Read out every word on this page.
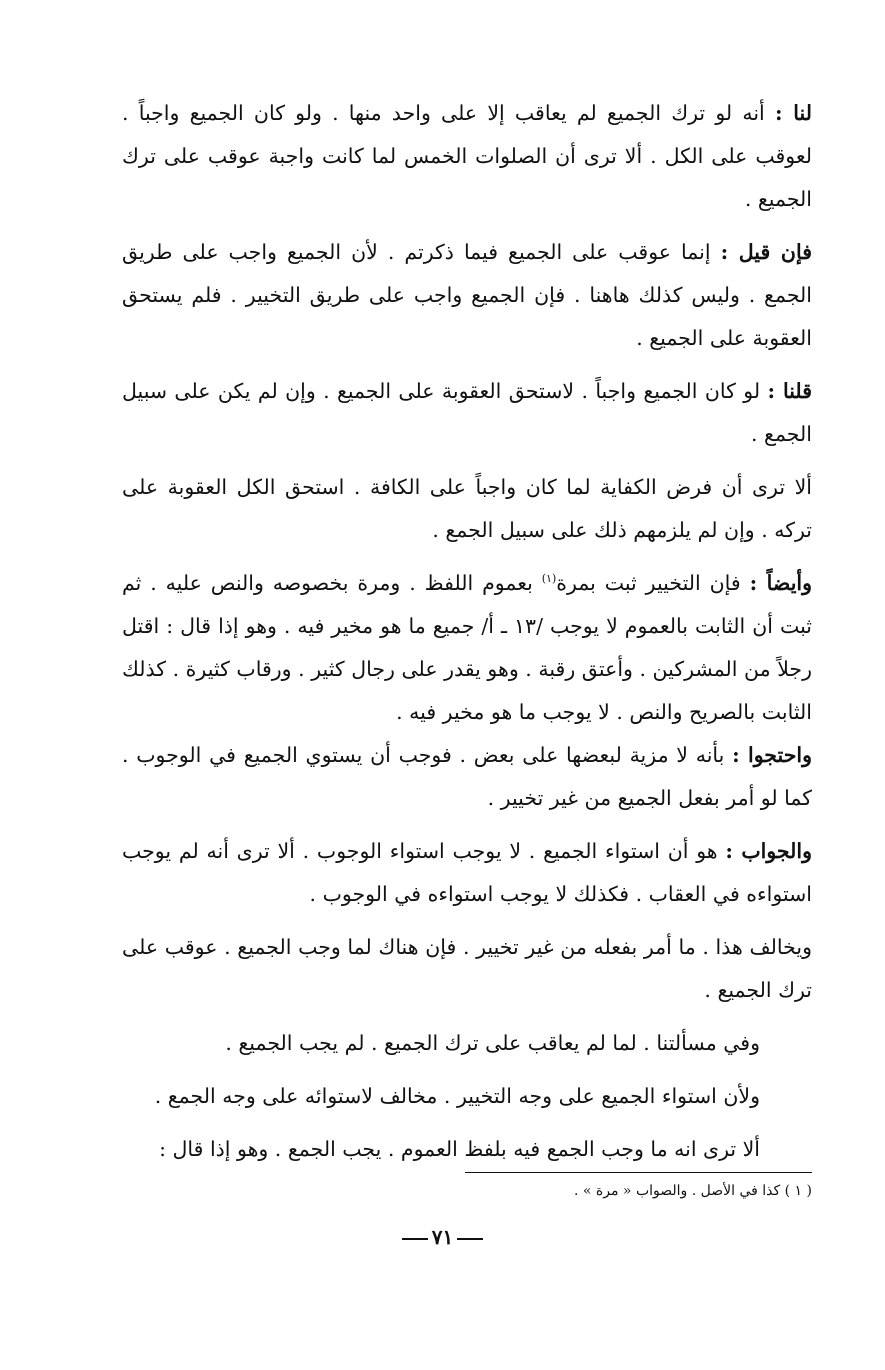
لنا : أنه لو ترك الجميع لم يعاقب إلا على واحد منها . ولو كان الجميع واجباً . لعوقب على الكل . ألا ترى أن الصلوات الخمس لما كانت واجبة عوقب على ترك الجميع .

فإن قيل : إنما عوقب على الجميع فيما ذكرتم . لأن الجميع واجب على طريق الجمع . وليس كذلك هاهنا . فإن الجميع واجب على طريق التخيير . فلم يستحق العقوبة على الجميع .

قلنا : لو كان الجميع واجباً . لاستحق العقوبة على الجميع . وإن لم يكن على سبيل الجمع .

ألا ترى أن فرض الكفاية لما كان واجباً على الكافة . استحق الكل العقوبة على تركه . وإن لم يلزمهم ذلك على سبيل الجمع .

وأيضاً : فإن التخيير ثبت بمرة$^{(١)}$ بعموم اللفظ . ومرة بخصوصه والنص عليه . ثم ثبت أن الثابت بالعموم لا يوجب /١٣ ـ أ/ جميع ما هو مخير فيه . وهو إذا قال : اقتل رجلاً من المشركين . وأعتق رقبة . وهو يقدر على رجال كثير . ورقاب كثيرة . كذلك الثابت بالصريح والنص . لا يوجب ما هو مخير فيه .

واحتجوا : بأنه لا مزية لبعضها على بعض . فوجب أن يستوي الجميع في الوجوب . كما لو أمر بفعل الجميع من غير تخيير .

والجواب : هو أن استواء الجميع . لا يوجب استواء الوجوب . ألا ترى أنه لم يوجب استواءه في العقاب . فكذلك لا يوجب استواءه في الوجوب .

ويخالف هذا . ما أمر بفعله من غير تخيير . فإن هناك لما وجب الجميع . عوقب على ترك الجميع .

وفي مسألتنا . لما لم يعاقب على ترك الجميع . لم يجب الجميع .

ولأن استواء الجميع على وجه التخيير . مخالف لاستوائه على وجه الجمع .

ألا ترى انه ما وجب الجمع فيه بلفظ العموم . يجب الجمع . وهو إذا قال :

( ١ ) كذا في الأصل . والصواب « مرة » .
٧١
